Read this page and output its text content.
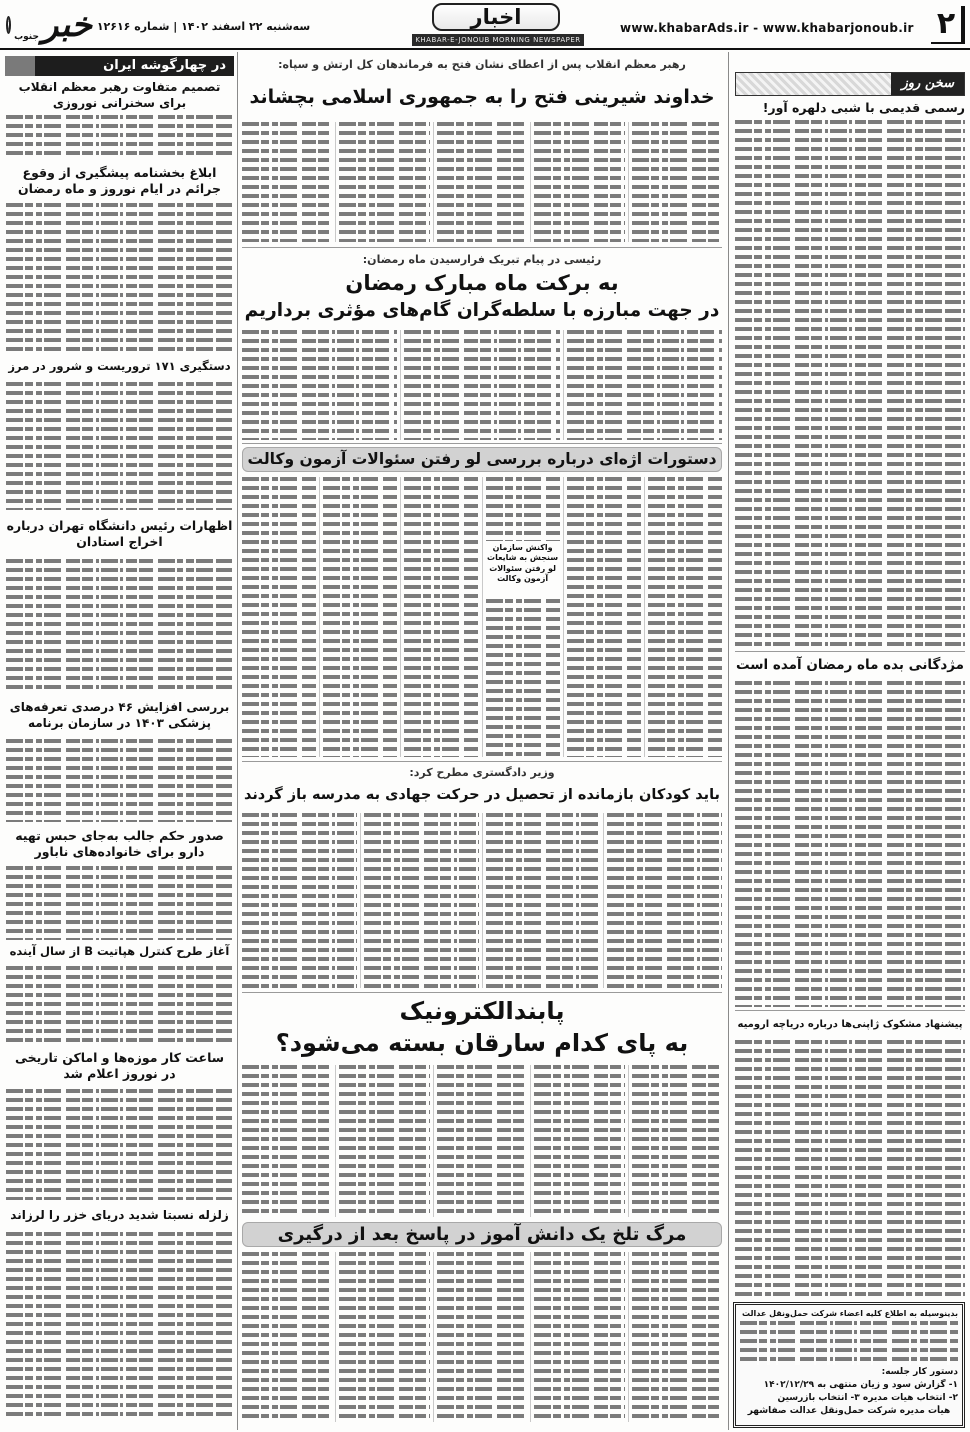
خبر
جنوب
سه‌شنبه ۲۲ اسفند ۱۴۰۲ | شماره ۱۲۶۱۶	اخبار
KHABAR-E-JONOUB MORNING NEWSPAPER
www.khabarAds.ir - www.khabarjonoub.ir ۲
در چهارگوشه ایران
تصمیم متفاوت رهبر معظم انقلاب برای سخنرانی نوروزی
ابلاغ بخشنامه پیشگیری از وقوع جرائم در ایام نوروز و ماه رمضان
دستگیری ۱۷۱ تروریست و شرور در مرز
اظهارات رئیس دانشگاه تهران درباره اخراج استادان
بررسی افزایش ۴۶ درصدی تعرفه‌های پزشکی ۱۴۰۳ در سازمان برنامه
صدور حکم جالب به‌جای حبس تهیه دارو برای خانواده‌های ناباور
آغاز طرح کنترل هپاتیت B از سال آینده
ساعت کار موزه‌ها و اماکن تاریخی در نوروز اعلام شد
زلزله نسبتا شدید دریای خزر را لرزاند
رهبر معظم انقلاب پس از اعطای نشان فتح به فرماندهان کل ارتش و سپاه:
خداوند شیرینی فتح را به جمهوری اسلامی بچشاند
رئیسی در پیام تبریک فرارسیدن ماه رمضان:
به برکت ماه مبارک رمضان
در جهت مبارزه با سلطه‌گران گام‌های مؤثری برداریم
دستورات اژه‌ای درباره بررسی لو رفتن سئوالات آزمون وکالت
واکنش سازمان سنجش به شایعات لو رفتن سئوالات آزمون وکالت
وزیر دادگستری مطرح کرد:
باید کودکان بازمانده از تحصیل در حرکت جهادی به مدرسه باز گردند
پابندالکترونیک
به پای کدام سارقان بسته می‌شود؟
مرگ تلخ یک دانش آموز در پاسخ بعد از درگیری
سخن روز
رسمی قدیمی با شبی دلهره آور!
مژدگانی بده ماه رمضان آمده است
پیشنهاد مشکوک ژاپنی‌ها درباره دریاچه ارومیه
بدینوسیله به اطلاع کلیه اعضاء شرکت حمل‌ونقل عدالت
دستور کار جلسه:
۱- گزارش سود و زیان منتهی به ۱۴۰۲/۱۲/۲۹
۲- انتخاب هیات مدیره ۳- انتخاب بازرسین
هیأت مدیره شرکت حمل‌ونقل عدالت صفاشهر
